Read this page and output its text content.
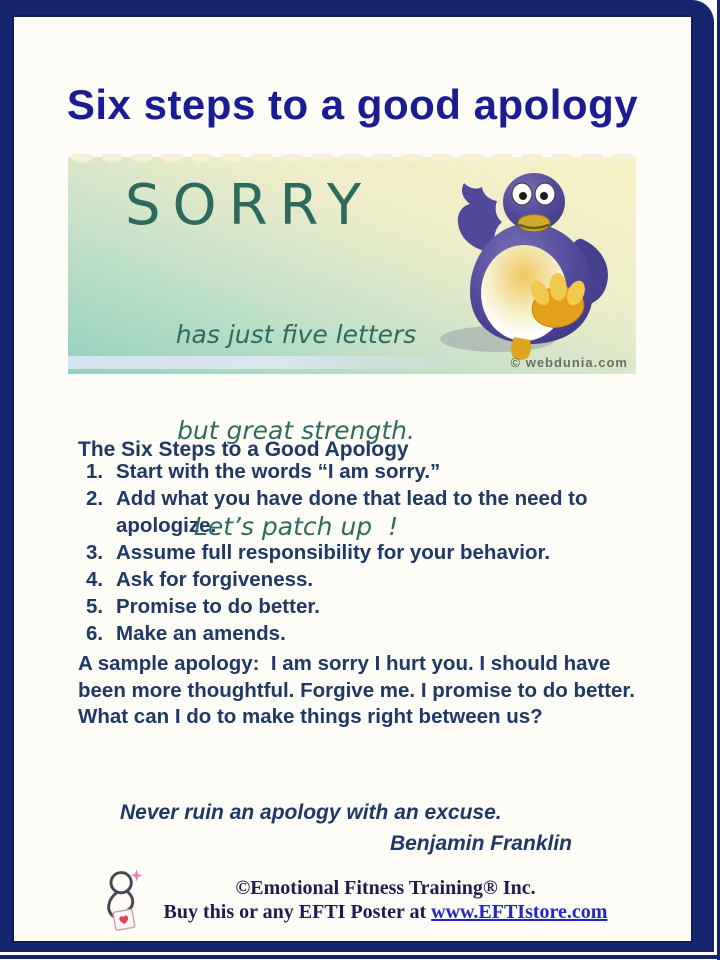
Six steps to a good apology
SORRY

has just five letters

but great strength.

Let’s patch up  !

© webdunia.com
The Six Steps to a Good Apology
1. Start with the words “I am sorry.”
2. Add what you have done that lead to the need to apologize.
3. Assume full responsibility for your behavior.
4. Ask for forgiveness.
5. Promise to do better.
6. Make an amends.

A sample apology:  I am sorry I hurt you. I should have been more thoughtful. Forgive me. I promise to do better. What can I do to make things right between us?

Never ruin an apology with an excuse.
Benjamin Franklin
©Emotional Fitness Training® Inc.
Buy this or any EFTI Poster at www.EFTIstore.com
